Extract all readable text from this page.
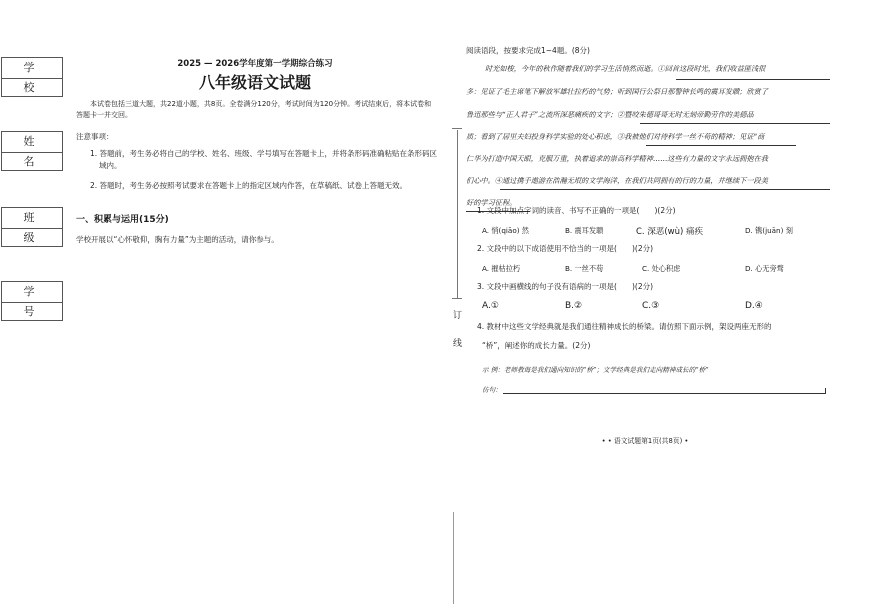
学 校
姓 名
班 级
学 号
2025 — 2026学年度第一学期综合练习
八年级语文试题
本试卷包括三道大题，共22道小题，共8页。全卷满分120分，考试时间为120分钟。考试结束后，将本试卷和答题卡一并交回。
注意事项：
1. 答题前，考生务必将自己的学校、姓名、班级、学号填写在答题卡上，并将条形码准确粘贴在条形码区域内。
2. 答题时，考生务必按照考试要求在答题卡上的指定区域内作答，在草稿纸、试卷上答题无效。
一、积累与运用(15分)
学校开展以“心怀敬仰，胸有力量”为主题的活动，请你参与。
订
线
阅读语段，按要求完成1~4题。(8分)
时光如梭，今年的秋作随着我们的学习生活悄然而逝。①回首这段时光，我们收益匪浅很
多：见证了毛主席笔下解放军雄壮拉朽的气势；听到国行公祭日那警钟长鸣的震耳发聩；欣赏了
鲁迅那些与“正人君子”之流所深恶痛疾的文字；②暨咬朱德哥哥无时无刻帝勤劳作的美德品
质；看到了居里夫妇投身科学实验的处心积虑，③我被他们对待科学一丝不苟的精神；见证“商
仁华为打造中国天眼，克服万重，执着追求的崇高科学精神……这些有力量的文字永远拥抱在我
们心中。④通过携手遨游在浩瀚无垠的文学海洋，在我们共同拥有的行的力量，并继续下一段美
好的学习征程。
1. 文段中加点字词的读音、书写不正确的一项是(　　)(2分)
A. 悄(qiāo) 然	B. 震耳发聩	C. 深恶(wù) 痛疾	D. 镌(juān) 刻
2. 文段中的以下成语使用不恰当的一项是(　　)(2分)
A. 摧枯拉朽	B. 一丝不苟	C. 处心积虑	D. 心无旁骛
3. 文段中画横线的句子没有语病的一项是(　　)(2分)
A.①	B.②	C.③	D.④
4. 教材中这些文学经典就是我们通往精神成长的桥梁。请仿照下面示例，架设两座无形的
“桥”，阐述你的成长力量。(2分)
示 例：老师教诲是我们通向知识的“桥”；文学经典是我们走向精神成长的“桥”
仿句：
• • 语文试题第1页(共8页) •
